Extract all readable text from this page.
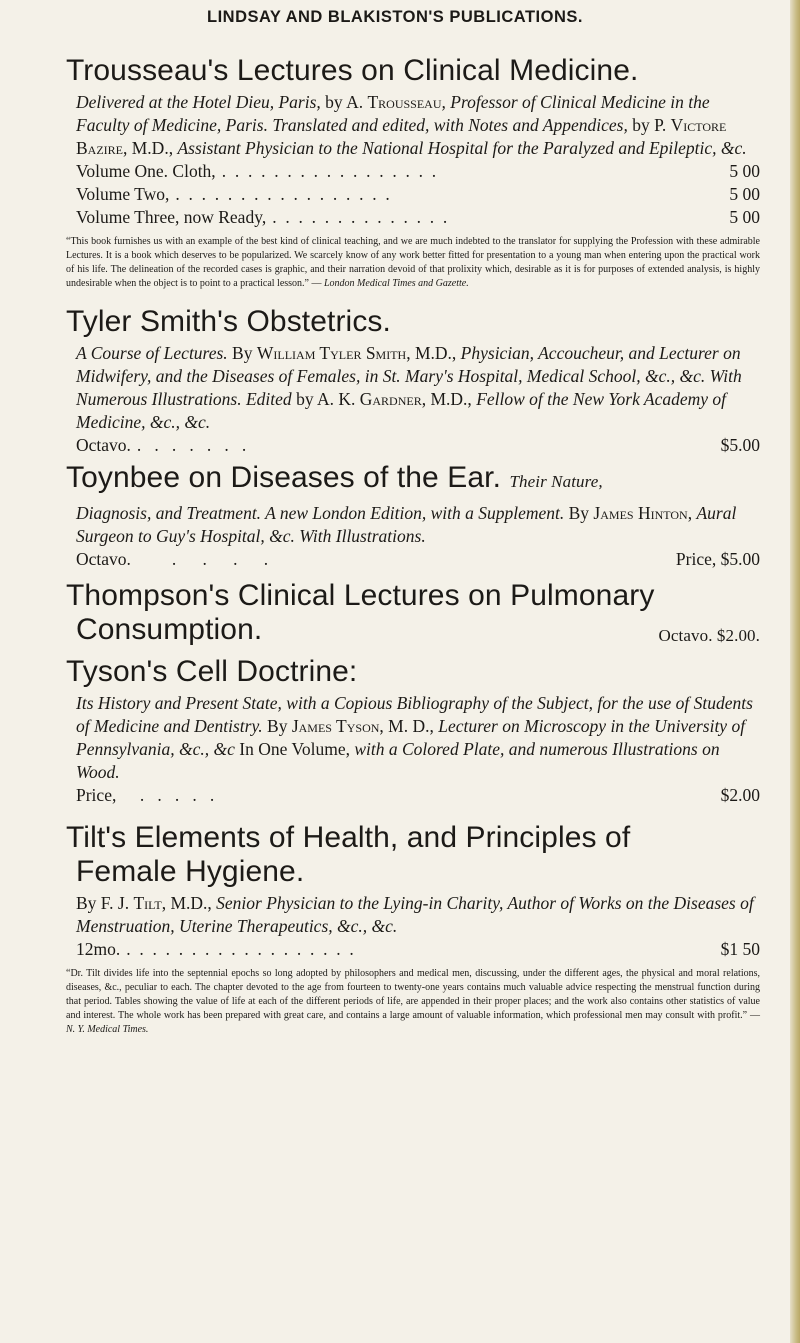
LINDSAY AND BLAKISTON'S PUBLICATIONS.
Trousseau's Lectures on Clinical Medicine.
Delivered at the Hotel Dieu, Paris, by A. Trousseau, Professor of Clinical Medicine in the Faculty of Medicine, Paris. Translated and edited, with Notes and Appendices, by P. Victore Bazire, M.D., Assistant Physician to the National Hospital for the Paralyzed and Epileptic, &c.
Volume One. Cloth, .  .  .  .  .  .  .  .  .  .  .  .  .  .  .  .  .	5 00
Volume Two, .  .  .  .  .  .  .  .  .  .  .  .  .  .  .  .  .	5 00
Volume Three, now Ready, .  .  .  .  .  .  .  .  .  .  .  .  .  .	5 00
“This book furnishes us with an example of the best kind of clinical teaching, and we are much indebted to the translator for supplying the Profession with these admirable Lectures. It is a book which deserves to be popularized. We scarcely know of any work better fitted for presentation to a young man when entering upon the practical work of his life. The delineation of the recorded cases is graphic, and their narration devoid of that prolixity which, desirable as it is for purposes of extended analysis, is highly undesirable when the object is to point to a practical lesson.” — London Medical Times and Gazette.
Tyler Smith's Obstetrics.
A Course of Lectures. By William Tyler Smith, M.D., Physician, Accoucheur, and Lecturer on Midwifery, and the Diseases of Females, in St. Mary's Hospital, Medical School, &c., &c. With Numerous Illustrations. Edited by A. K. Gardner, M.D., Fellow of the New York Academy of Medicine, &c., &c.
Octavo. .   .   .   .   .   .   .	$5.00
Toynbee on Diseases of the Ear. Their Nature,
Diagnosis, and Treatment. A new London Edition, with a Supplement. By James Hinton, Aural Surgeon to Guy's Hospital, &c. With Illustrations.
Octavo. .      .      .      .	Price, $5.00
Thompson's Clinical Lectures on Pulmonary
Consumption.	Octavo. $2.00.
Tyson's Cell Doctrine:
Its History and Present State, with a Copious Bibliography of the Subject, for the use of Students of Medicine and Dentistry. By James Tyson, M. D., Lecturer on Microscopy in the University of Pennsylvania, &c., &c In One Volume, with a Colored Plate, and numerous Illustrations on Wood.
Price, .   .   .   .   .	$2.00
Tilt's Elements of Health, and Principles of
Female Hygiene.
By F. J. Tilt, M.D., Senior Physician to the Lying-in Charity, Author of Works on the Diseases of Menstruation, Uterine Therapeutics, &c., &c.
12mo. .  .  .  .  .  .  .  .  .  .  .  .  .  .  .  .  .  .	$1 50
“Dr. Tilt divides life into the septennial epochs so long adopted by philosophers and medical men, discussing, under the different ages, the physical and moral relations, diseases, &c., peculiar to each. The chapter devoted to the age from fourteen to twenty-one years contains much valuable advice respecting the menstrual function during that period. Tables showing the value of life at each of the different periods of life, are appended in their proper places; and the work also contains other statistics of value and interest. The whole work has been prepared with great care, and contains a large amount of valuable information, which professional men may consult with profit.” — N. Y. Medical Times.
